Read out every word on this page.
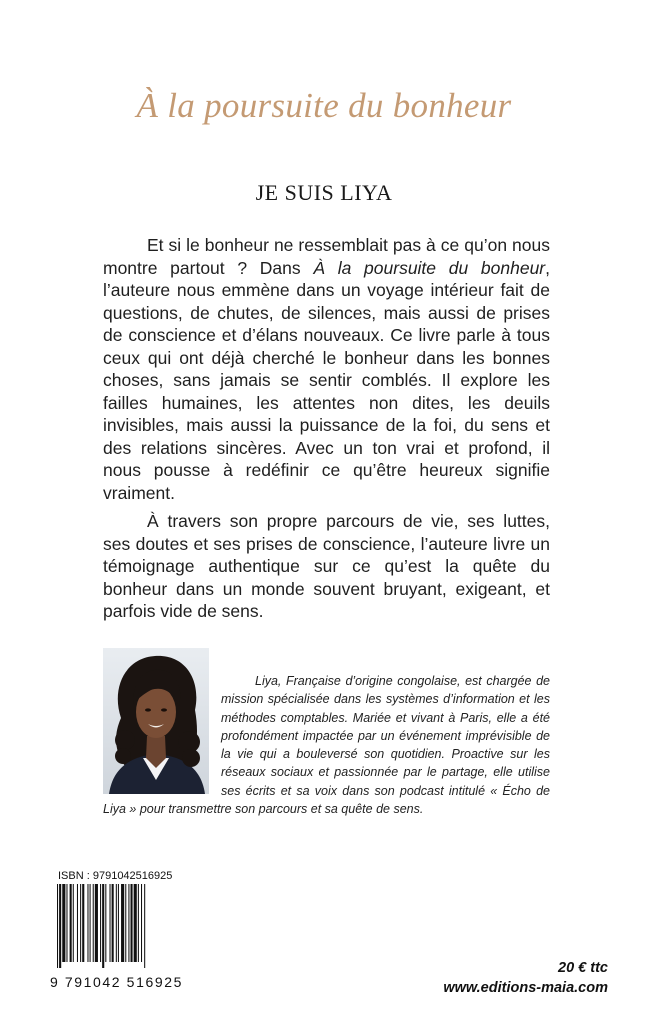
À la poursuite du bonheur
JE SUIS LIYA

Et si le bonheur ne ressemblait pas à ce qu’on nous montre partout ? Dans À la poursuite du bonheur, l’auteure nous emmène dans un voyage intérieur fait de questions, de chutes, de silences, mais aussi de prises de conscience et d’élans nouveaux. Ce livre parle à tous ceux qui ont déjà cherché le bonheur dans les bonnes choses, sans jamais se sentir comblés. Il explore les failles humaines, les attentes non dites, les deuils invisibles, mais aussi la puissance de la foi, du sens et des relations sincères. Avec un ton vrai et profond, il nous pousse à redéfinir ce qu’être heureux signifie vraiment.

À travers son propre parcours de vie, ses luttes, ses doutes et ses prises de conscience, l’auteure livre un témoignage authentique sur ce qu’est la quête du bonheur dans un monde souvent bruyant, exigeant, et parfois vide de sens.

Liya, Française d’origine congolaise, est chargée de mission spécialisée dans les systèmes d’information et les méthodes comptables. Mariée et vivant à Paris, elle a été profondément impactée par un événement imprévisible de la vie qui a bouleversé son quotidien. Proactive sur les réseaux sociaux et passionnée par le partage, elle utilise ses écrits et sa voix dans son podcast intitulé « Écho de Liya » pour transmettre son parcours et sa quête de sens.

ISBN : 9791042516925
9 791042 516925
20 € ttc
www.editions-maia.com
